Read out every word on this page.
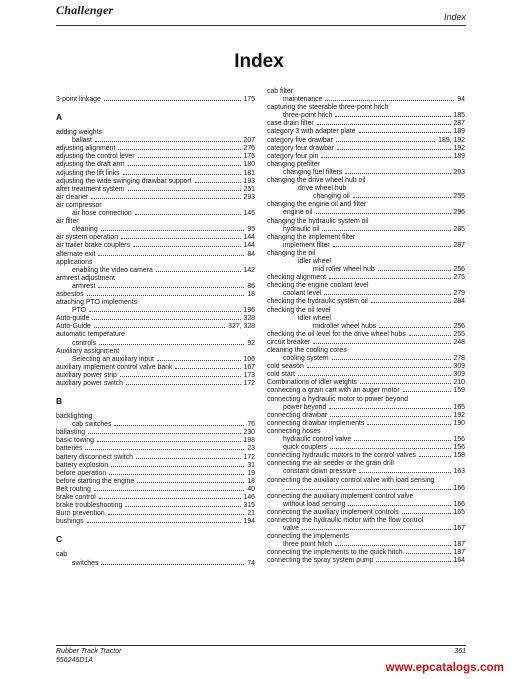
Challenger	Index
Index
3-point linkage	175
A
adding weights
ballast	207
adjusting alignment	276
adjusting the control lever	175
adjusting the draft arm	180
adjusting the lift links	181
adjusting the wide swinging drawbar support	193
after treatment system	251
air cleaner	293
air compressor
air hose connection	145
air filter
cleaning	95
air system operation	144
air trailer brake couplers	144
alternate exit	84
applications
enabling the video camera	142
armrest adjustment
armrest	86
asbestos	18
attaching PTO implements
PTO	196
Auto-guide	328
Auto-Guide	327, 328
automatic temperature
controls	92
Auxiliary assignment
Selecting an auxiliary input	106
auxiliary implement control valve bank	167
auxiliary power strip	173
auxiliary power switch	172
B
backlighting
cab switches	76
ballasting	230
basic towing	198
batteries	23
battery disconnect switch	172
battery explosion	31
before operation	19
before starting the engine	18
Belt routing	40
brake control	146
brake troubleshooting	315
Burn prevention	21
bushings	194
C
cab
switches	74
cab filter
maintenance	94
capturing the steerable three-point hitch
three-point hitch	185
case drain filter	287
category 3 with adapter plate	189
category five drawbar	189, 192
category four drawbar	192
category four pin	189
changing prefilter
changing fuel filters	293
changing the drive wheel hub oil
drive wheel hub
changing oil	255
changing the engine oil and filter
engine oil	296
changing the hydraulic system oil
hydraulic oil	285
changing the implement filter
implement filter	287
changing the oil
idler wheel
mid roller wheel hub	256
checking alignment	275
checking the engine coolant level
coolant level	279
checking the hydraulic system oil	284
checking the oil level
idler wheel
midroller wheel hubs	256
checking the oil level for the drive wheel hubs	255
circuit breaker	248
cleaning the cooling cores
cooling system	278
cold season	309
cold start	309
Combinations of idler weights	210
connecting a grain cart with an auger motor	159
connecting a hydraulic motor to power beyond
power beyond	165
connecting drawbar	192
connecting drawbar implements	190
connecting hoses
hydraulic control valve	156
quick couplers	156
connecting hydraulic motors to the control valves	158
connecting the air seeder or the grain drill
constant down pressure	163
connecting the auxiliary control valve with load sensing
166
connecting the auxiliary implement control valve
without load sensing	166
connecting the auxiliary implement controls	165
connecting the hydraulic motor with the flow control
valve	167
connecting the implements
three point hitch	187
connecting the implements to the quick hitch	187
connecting the spray system pump	164
Rubber Track Tractor
556245D1A
361
www.epcatalogs.com
